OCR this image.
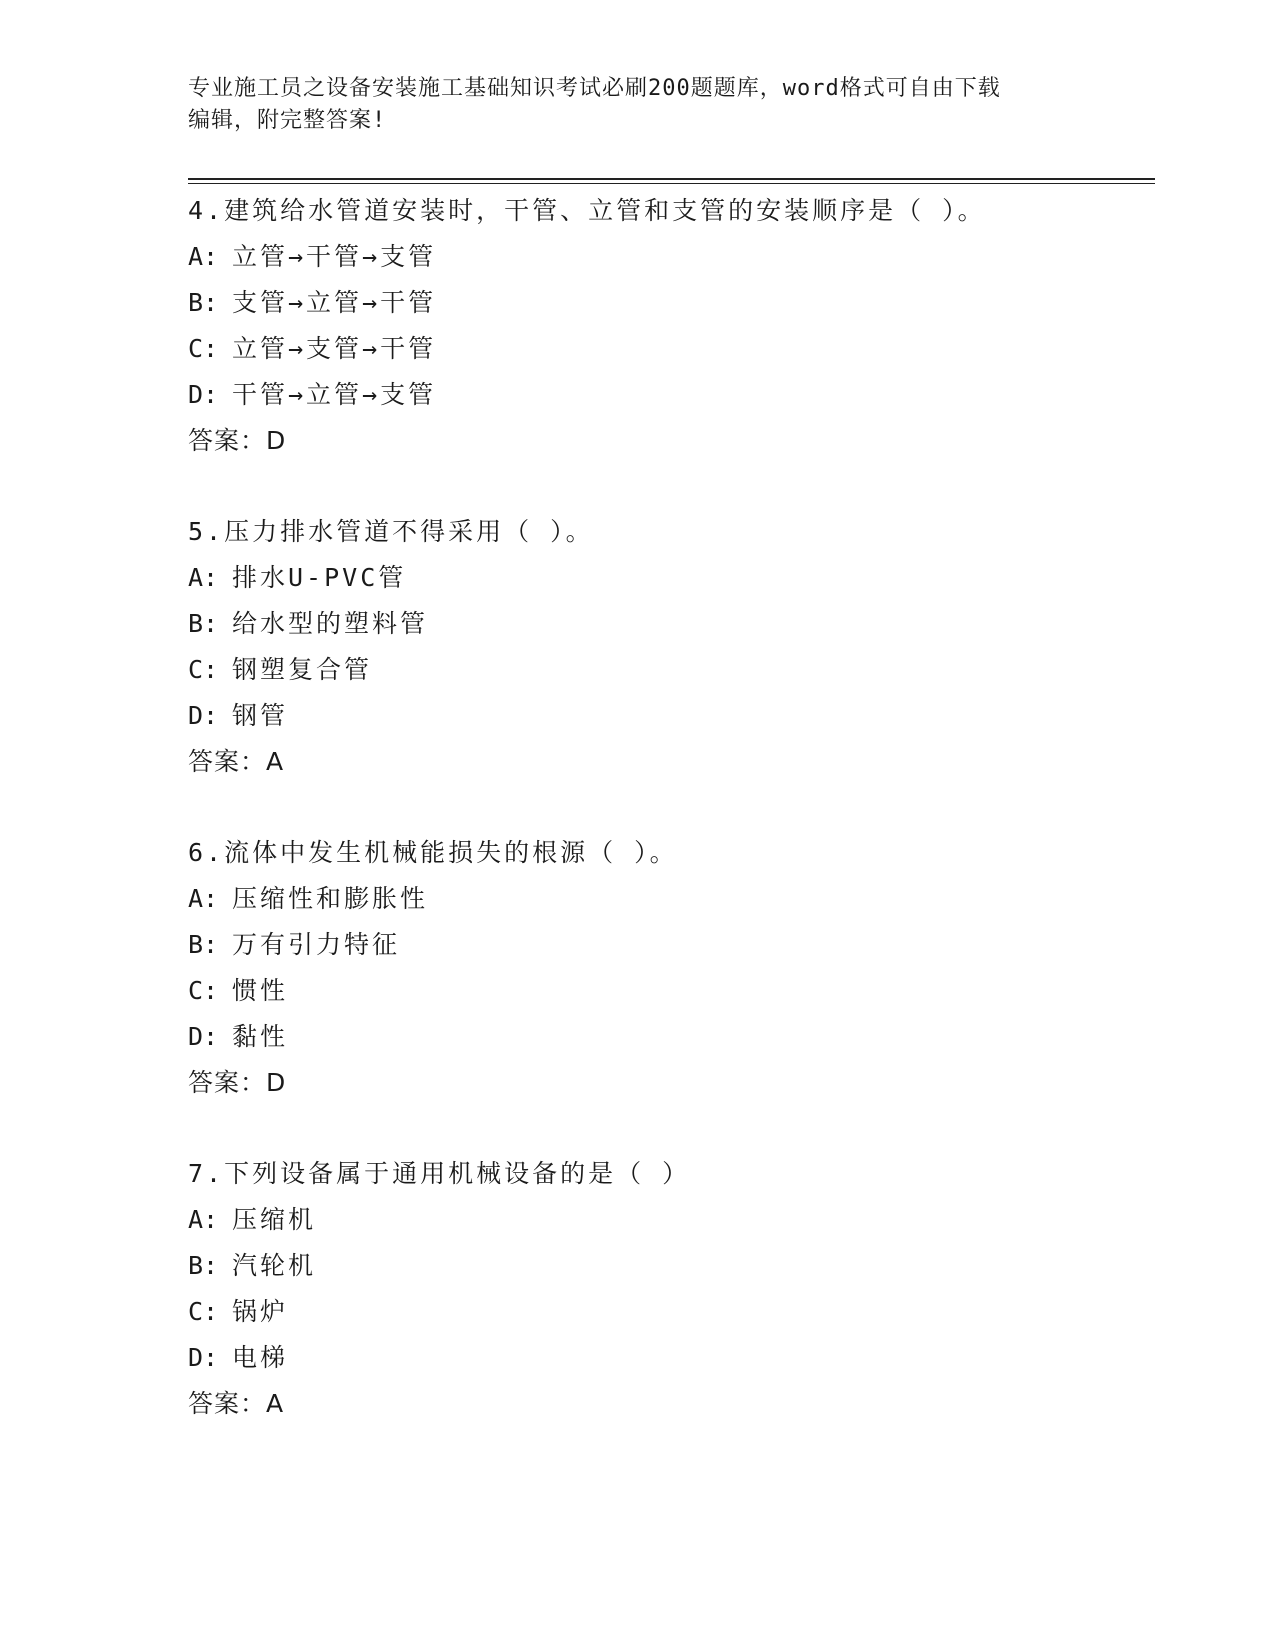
专业施工员之设备安装施工基础知识考试必刷200题题库，word格式可自由下载
编辑，附完整答案!
4.建筑给水管道安装时，干管、立管和支管的安装顺序是（ ）。
A: 立管→干管→支管
B: 支管→立管→干管
C: 立管→支管→干管
D: 干管→立管→支管
答案：D
5.压力排水管道不得采用（ ）。
A: 排水U-PVC管
B: 给水型的塑料管
C: 钢塑复合管
D: 钢管
答案：A
6.流体中发生机械能损失的根源（ ）。
A: 压缩性和膨胀性
B: 万有引力特征
C: 惯性
D: 黏性
答案：D
7.下列设备属于通用机械设备的是（ ）
A: 压缩机
B: 汽轮机
C: 锅炉
D: 电梯
答案：A
